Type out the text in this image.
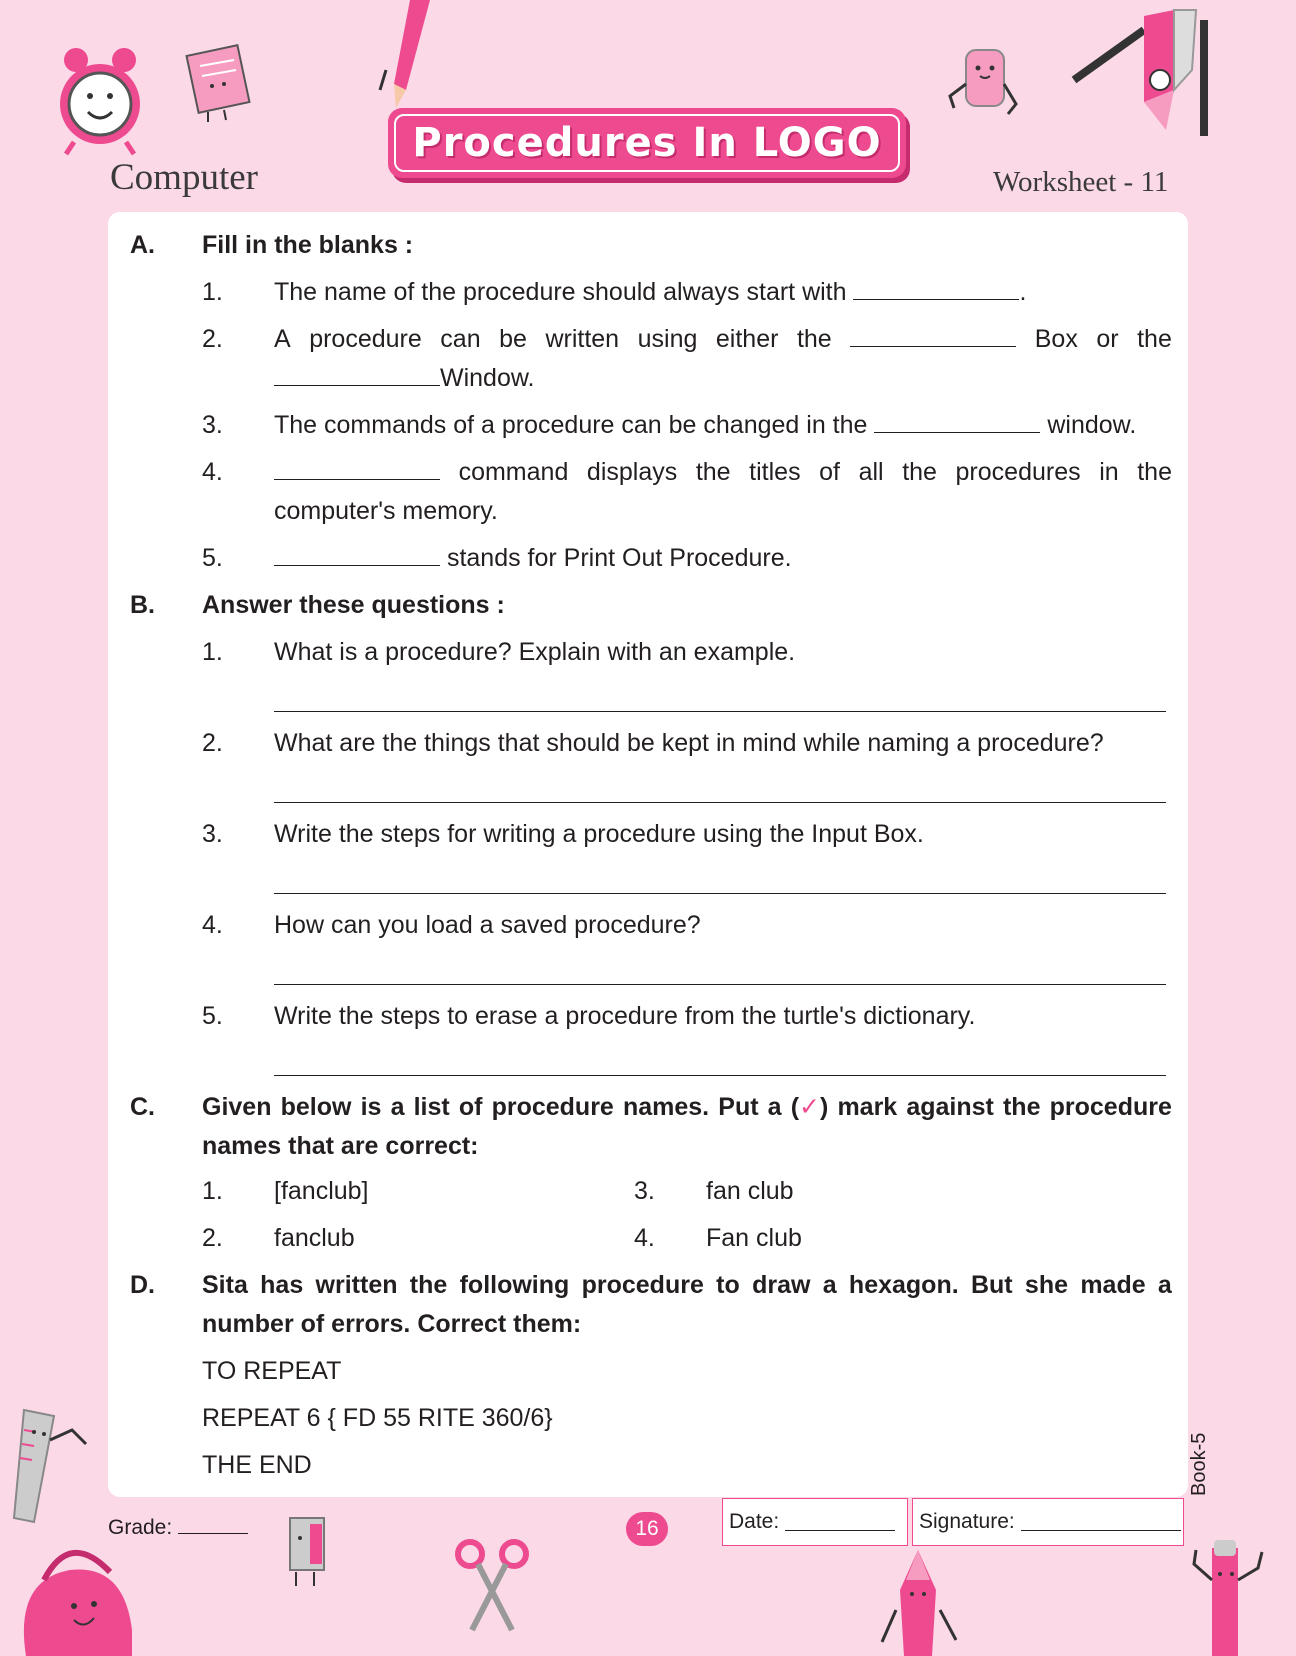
Computer
Procedures In LOGO
Worksheet - 11
A. Fill in the blanks :
1. The name of the procedure should always start with	.
2. A procedure can be written using either the	Box or the
Window.
3. The commands of a procedure can be changed in the	window.
4.	command displays the titles of all the procedures in the
computer's memory.
5.	stands for Print Out Procedure.
B. Answer these questions :
1. What is a procedure? Explain with an example.
2. What are the things that should be kept in mind while naming a procedure?
3. Write the steps for writing a procedure using the Input Box.
4. How can you load a saved procedure?
5. Write the steps to erase a procedure from the turtle's dictionary.
C. Given below is a list of procedure names. Put a (✓) mark against the procedure
names that are correct:
1. [fanclub]
2. fanclub
3. fan club
4. Fan club
D. Sita has written the following procedure to draw a hexagon. But she made a
number of errors. Correct them:
TO REPEAT
REPEAT 6 { FD 55 RITE 360/6}
THE END
Grade:	16	Date:	Signature:
Book-5
